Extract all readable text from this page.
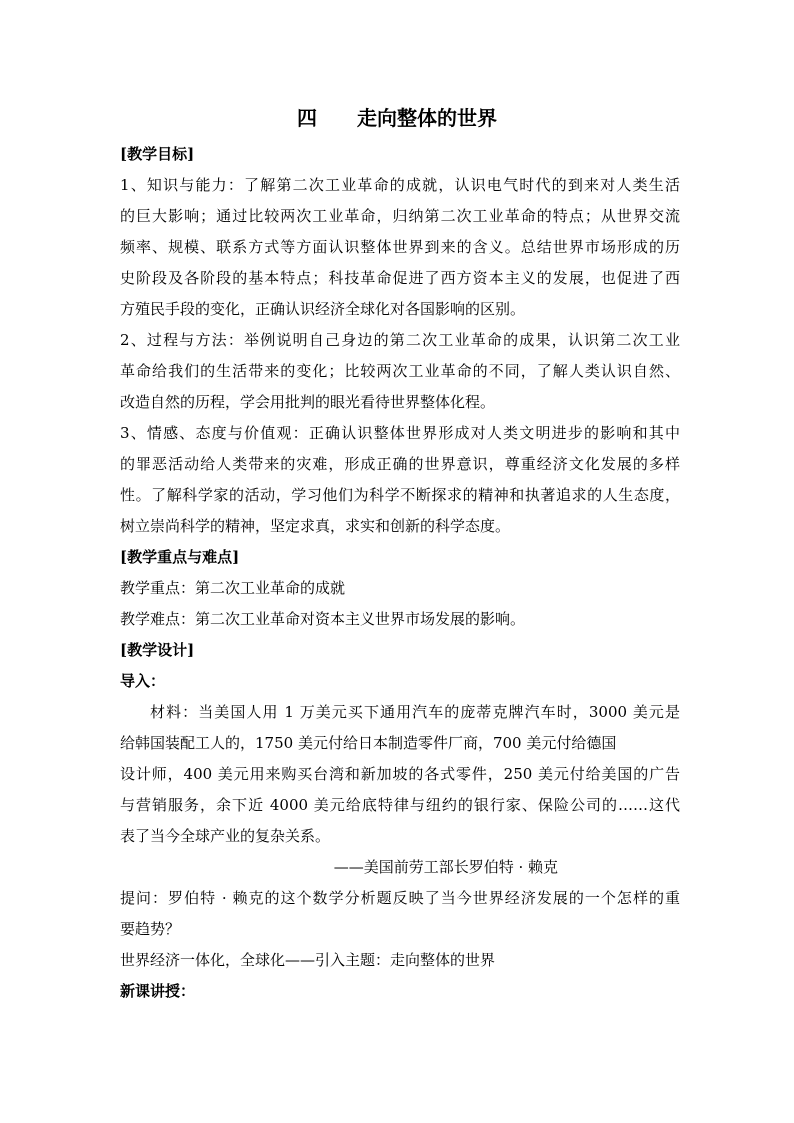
四　　走向整体的世界
[教学目标]
1、知识与能力：了解第二次工业革命的成就，认识电气时代的到来对人类生活
的巨大影响；通过比较两次工业革命，归纳第二次工业革命的特点；从世界交流
频率、规模、联系方式等方面认识整体世界到来的含义。总结世界市场形成的历
史阶段及各阶段的基本特点；科技革命促进了西方资本主义的发展，也促进了西
方殖民手段的变化，正确认识经济全球化对各国影响的区别。
2、过程与方法：举例说明自己身边的第二次工业革命的成果，认识第二次工业
革命给我们的生活带来的变化；比较两次工业革命的不同，了解人类认识自然、
改造自然的历程，学会用批判的眼光看待世界整体化程。
3、情感、态度与价值观：正确认识整体世界形成对人类文明进步的影响和其中
的罪恶活动给人类带来的灾难，形成正确的世界意识，尊重经济文化发展的多样
性。了解科学家的活动，学习他们为科学不断探求的精神和执著追求的人生态度，
树立崇尚科学的精神，坚定求真，求实和创新的科学态度。
[教学重点与难点]
教学重点：第二次工业革命的成就
教学难点：第二次工业革命对资本主义世界市场发展的影响。
[教学设计]
导入：
材料：当美国人用 1 万美元买下通用汽车的庞蒂克牌汽车时，3000 美元是
给韩国装配工人的，1750 美元付给日本制造零件厂商，700 美元付给德国
设计师，400 美元用来购买台湾和新加坡的各式零件，250 美元付给美国的广告
与营销服务，余下近 4000 美元给底特律与纽约的银行家、保险公司的……这代
表了当今全球产业的复杂关系。
——美国前劳工部长罗伯特 · 赖克
提问：罗伯特 · 赖克的这个数学分析题反映了当今世界经济发展的一个怎样的重
要趋势？
世界经济一体化，全球化——引入主题：走向整体的世界
新课讲授：
